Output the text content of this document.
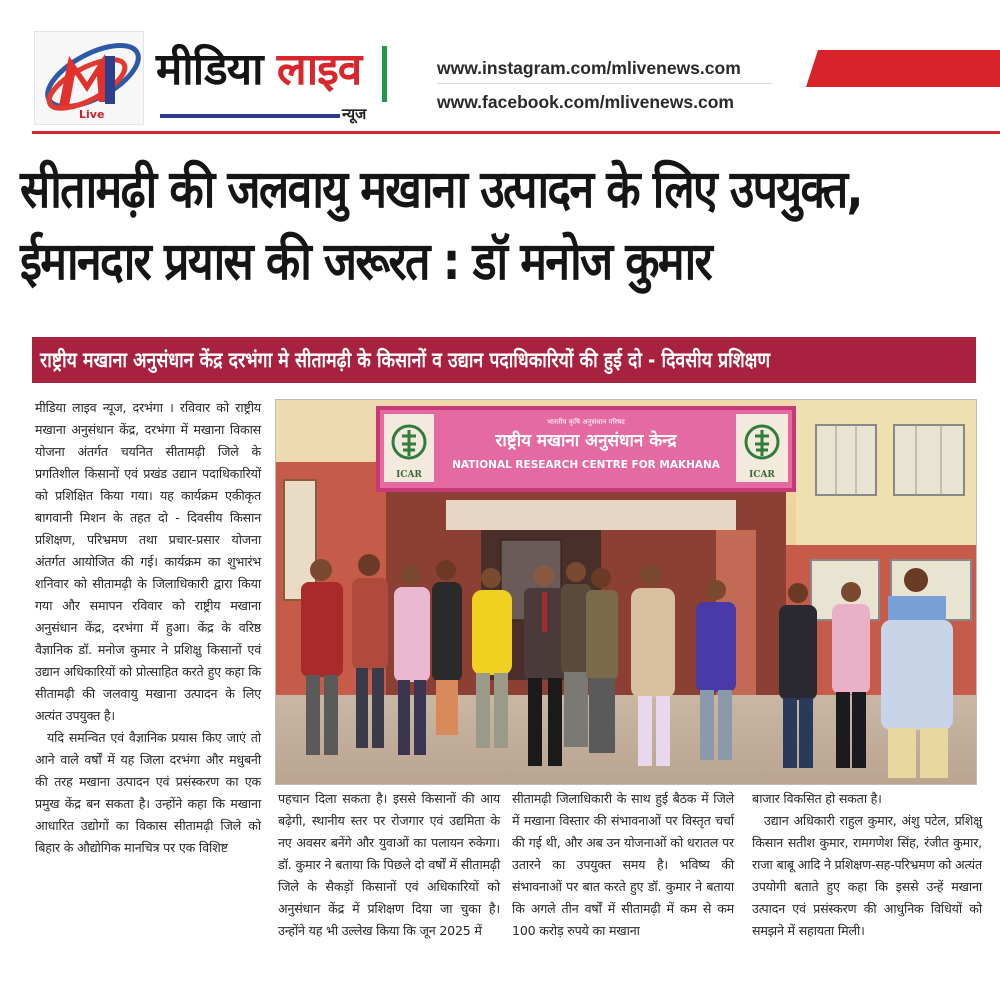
Live
मीडिया लाइव
न्यूज
www.instagram.com/mlivenews.com
www.facebook.com/mlivenews.com
सीतामढ़ी की जलवायु मखाना उत्पादन के लिए उपयुक्त,
ईमानदार प्रयास की जरूरत : डॉ मनोज कुमार
राष्ट्रीय मखाना अनुसंधान केंद्र दरभंगा मे सीतामढ़ी के किसानों व उद्यान पदाधिकारियों की हुई दो - दिवसीय प्रशिक्षण

मीडिया लाइव न्यूज, दरभंगा । रविवार को राष्ट्रीय मखाना अनुसंधान केंद्र, दरभंगा में मखाना विकास योजना अंतर्गत चयनित सीतामढ़ी जिले के प्रगतिशील किसानों एवं प्रखंड उद्यान पदाधिकारियों को प्रशिक्षित किया गया। यह कार्यक्रम एकीकृत बागवानी मिशन के तहत दो - दिवसीय किसान प्रशिक्षण, परिभ्रमण तथा प्रचार-प्रसार योजना अंतर्गत आयोजित की गई। कार्यक्रम का शुभारंभ शनिवार को सीतामढ़ी के जिलाधिकारी द्वारा किया गया और समापन रविवार को राष्ट्रीय मखाना अनुसंधान केंद्र, दरभंगा में हुआ। केंद्र के वरिष्ठ वैज्ञानिक डॉ. मनोज कुमार ने प्रशिक्षु किसानों एवं उद्यान अधिकारियों को प्रोत्साहित करते हुए कहा कि सीतामढ़ी की जलवायु मखाना उत्पादन के लिए अत्यंत उपयुक्त है।

यदि समन्वित एवं वैज्ञानिक प्रयास किए जाएं तो आने वाले वर्षों में यह जिला दरभंगा और मधुबनी की तरह मखाना उत्पादन एवं प्रसंस्करण का एक प्रमुख केंद्र बन सकता है। उन्होंने कहा कि मखाना आधारित उद्योगों का विकास सीतामढ़ी जिले को बिहार के औद्योगिक मानचित्र पर एक विशिष्ट

ICAR	ICAR
भारतीय कृषि अनुसंधान परिषद
राष्ट्रीय मखाना अनुसंधान केन्द्र
NATIONAL RESEARCH CENTRE FOR MAKHANA

पहचान दिला सकता है। इससे किसानों की आय बढ़ेगी, स्थानीय स्तर पर रोजगार एवं उद्यमिता के नए अवसर बनेंगे और युवाओं का पलायन रुकेगा। डॉ. कुमार ने बताया कि पिछले दो वर्षों में सीतामढ़ी जिले के सैकड़ों किसानों एवं अधिकारियों को अनुसंधान केंद्र में प्रशिक्षण दिया जा चुका है। उन्होंने यह भी उल्लेख किया कि जून 2025 में

सीतामढ़ी जिलाधिकारी के साथ हुई बैठक में जिले में मखाना विस्तार की संभावनाओं पर विस्तृत चर्चा की गई थी, और अब उन योजनाओं को धरातल पर उतारने का उपयुक्त समय है। भविष्य की संभावनाओं पर बात करते हुए डॉ. कुमार ने बताया कि अगले तीन वर्षों में सीतामढ़ी में कम से कम 100 करोड़ रुपये का मखाना

बाजार विकसित हो सकता है।

उद्यान अधिकारी राहुल कुमार, अंशु पटेल, प्रशिक्षु किसान सतीश कुमार, रामगणेश सिंह, रंजीत कुमार, राजा बाबू आदि ने प्रशिक्षण-सह-परिभ्रमण को अत्यंत उपयोगी बताते हुए कहा कि इससे उन्हें मखाना उत्पादन एवं प्रसंस्करण की आधुनिक विधियों को समझने में सहायता मिली।
